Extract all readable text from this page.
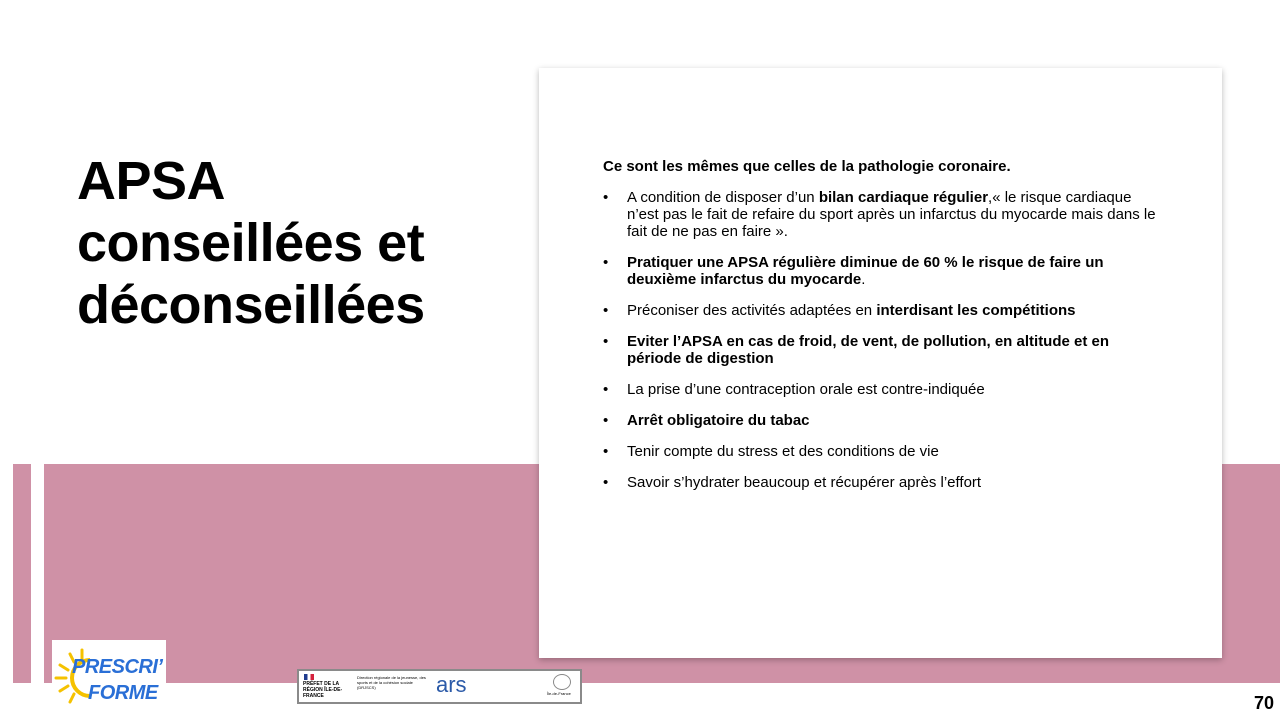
APSA
conseillées et
déconseillées

Ce sont les mêmes que celles de la pathologie coronaire.

• A condition de disposer d’un bilan cardiaque régulier,« le risque cardiaque n’est pas le fait de refaire du sport après un infarctus du myocarde mais dans le fait de ne pas en faire ».
• Pratiquer une APSA régulière diminue de 60 % le risque de faire un deuxième infarctus du myocarde.
• Préconiser des activités adaptées en interdisant les compétitions
• Eviter l’APSA en cas de froid, de vent, de pollution, en altitude et en période de digestion
• La prise d’une contraception orale est contre-indiquée
• Arrêt obligatoire du tabac
• Tenir compte du stress et des conditions de vie
• Savoir s’hydrater beaucoup et récupérer après l’effort
PRESCRI’
FORME	PRÉFET DE LA RÉGION ÎLE-DE-FRANCE
Direction régionale de la jeunesse, des sports et de la cohésion sociale (DRJSCS)	ars	Île-de-France	70
